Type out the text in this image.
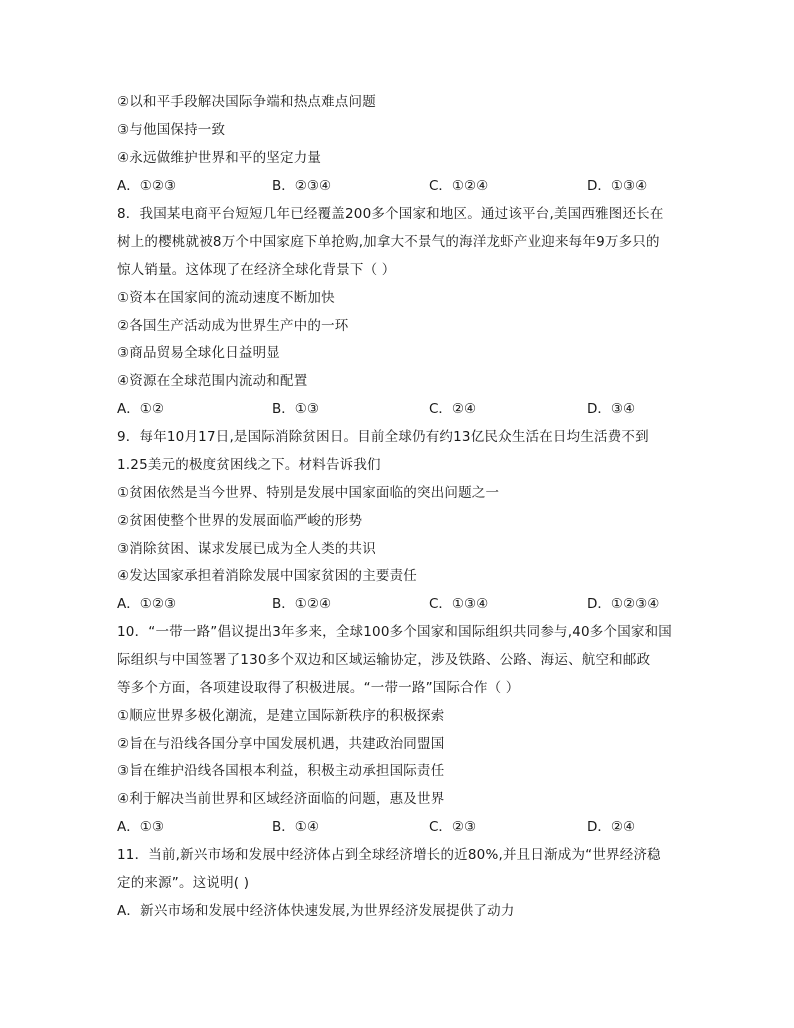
②以和平手段解决国际争端和热点难点问题
③与他国保持一致
④永远做维护世界和平的坚定力量
A．①②③	B．②③④	C．①②④	D．①③④
8．我国某电商平台短短几年已经覆盖200多个国家和地区。通过该平台,美国西雅图还长在
树上的樱桃就被8万个中国家庭下单抢购,加拿大不景气的海洋龙虾产业迎来每年9万多只的
惊人销量。这体现了在经济全球化背景下（ ）
①资本在国家间的流动速度不断加快
②各国生产活动成为世界生产中的一环
③商品贸易全球化日益明显
④资源在全球范围内流动和配置
A．①②	B．①③	C．②④	D．③④
9．每年10月17日,是国际消除贫困日。目前全球仍有约13亿民众生活在日均生活费不到
1.25美元的极度贫困线之下。材料告诉我们
①贫困依然是当今世界、特别是发展中国家面临的突出问题之一
②贫困使整个世界的发展面临严峻的形势
③消除贫困、谋求发展已成为全人类的共识
④发达国家承担着消除发展中国家贫困的主要责任
A．①②③	B．①②④	C．①③④	D．①②③④
10．“一带一路”倡议提出3年多来，全球100多个国家和国际组织共同参与,40多个国家和国
际组织与中国签署了130多个双边和区域运输协定，涉及铁路、公路、海运、航空和邮政
等多个方面，各项建设取得了积极进展。“一带一路”国际合作（ ）
①顺应世界多极化潮流，是建立国际新秩序的积极探索
②旨在与沿线各国分享中国发展机遇，共建政治同盟国
③旨在维护沿线各国根本利益，积极主动承担国际责任
④利于解决当前世界和区域经济面临的问题，惠及世界
A．①③	B．①④	C．②③	D．②④
11．当前,新兴市场和发展中经济体占到全球经济增长的近80%,并且日渐成为“世界经济稳
定的来源”。这说明( )
A．新兴市场和发展中经济体快速发展,为世界经济发展提供了动力
